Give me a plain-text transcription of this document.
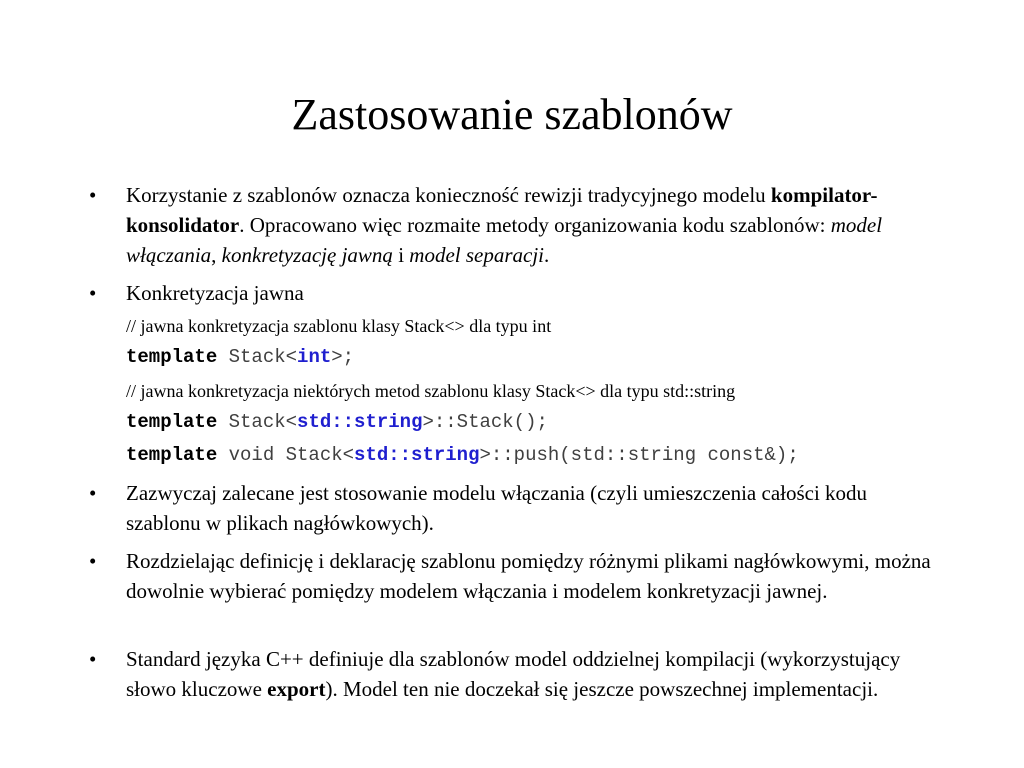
Zastosowanie szablonów
• Korzystanie z szablonów oznacza konieczność rewizji tradycyjnego modelu kompilator-konsolidator. Opracowano więc rozmaite metody organizowania kodu szablonów: model włączania, konkretyzację jawną i model separacji.
• Konkretyzacja jawna
// jawna konkretyzacja szablonu klasy Stack<> dla typu int
template Stack<int>;
// jawna konkretyzacja niektórych metod szablonu klasy Stack<> dla typu std::string
template Stack<std::string>::Stack();
template void Stack<std::string>::push(std::string const&);
• Zazwyczaj zalecane jest stosowanie modelu włączania (czyli umieszczenia całości kodu szablonu w plikach nagłówkowych).
• Rozdzielając definicję i deklarację szablonu pomiędzy różnymi plikami nagłówkowymi, można dowolnie wybierać pomiędzy modelem włączania i modelem konkretyzacji jawnej.
• Standard języka C++ definiuje dla szablonów model oddzielnej kompilacji (wykorzystujący słowo kluczowe export). Model ten nie doczekał się jeszcze powszechnej implementacji.
